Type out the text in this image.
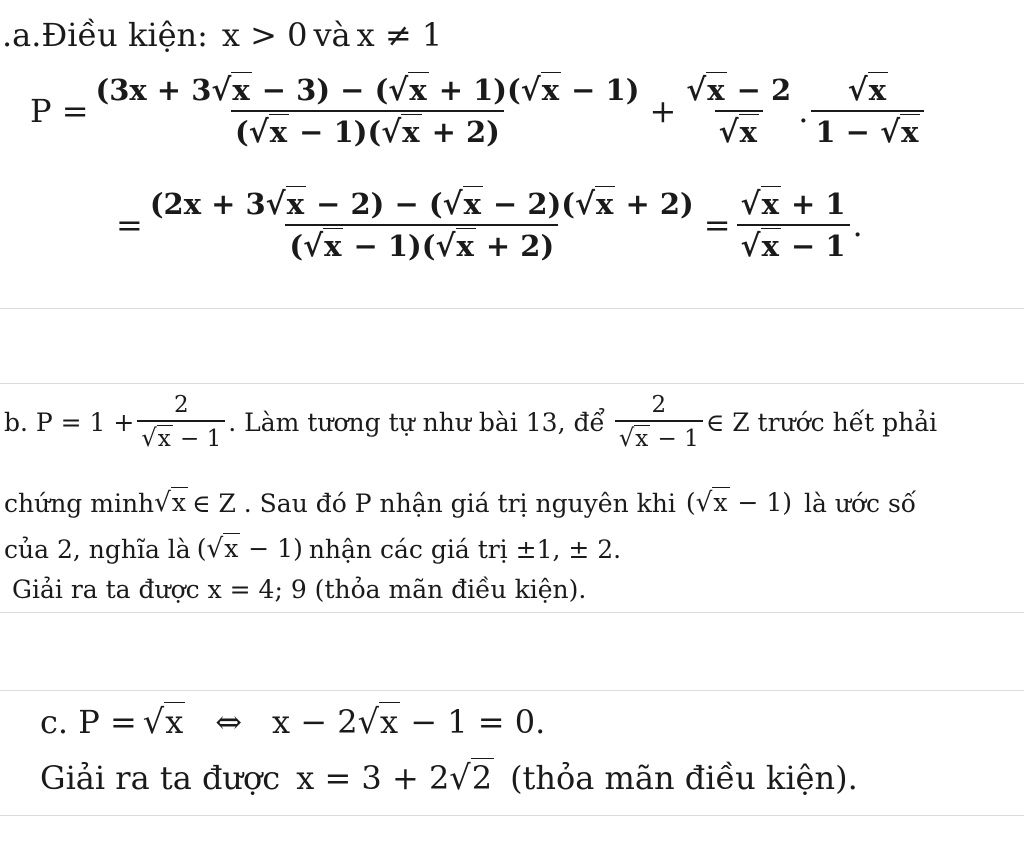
.a.Điều kiện: x > 0 và x ≠ 1
$P = \frac{(3x + 3√x - 3) - (√x + 1)(√x - 1)}{(√x - 1)(√x + 2)} + \frac{√x - 2}{√x}$ . $\frac{√x}{1 - √x}$
= $\frac{(2x + 3√x - 2) - (√x - 2)(√x + 2)}{(√x - 1)(√x + 2)} = \frac{√x + 1}{√x - 1}$ .
b. $P = 1 + \frac{2}{√x - 1}$ . Làm tương tự như bài 13, để $\frac{2}{√x - 1}$ ∈ Z trước hết phải
chứng minh √x ∈ Z . Sau đó P nhận giá trị nguyên khi (√x − 1) là ước số
của 2, nghĩa là (√x − 1) nhận các giá trị ±1, ± 2.
Giải ra ta được x = 4; 9 (thỏa mãn điều kiện).
c. P = √x ⇔ x − 2√x − 1 = 0.
Giải ra ta được x = 3 + 2√2 (thỏa mãn điều kiện).
